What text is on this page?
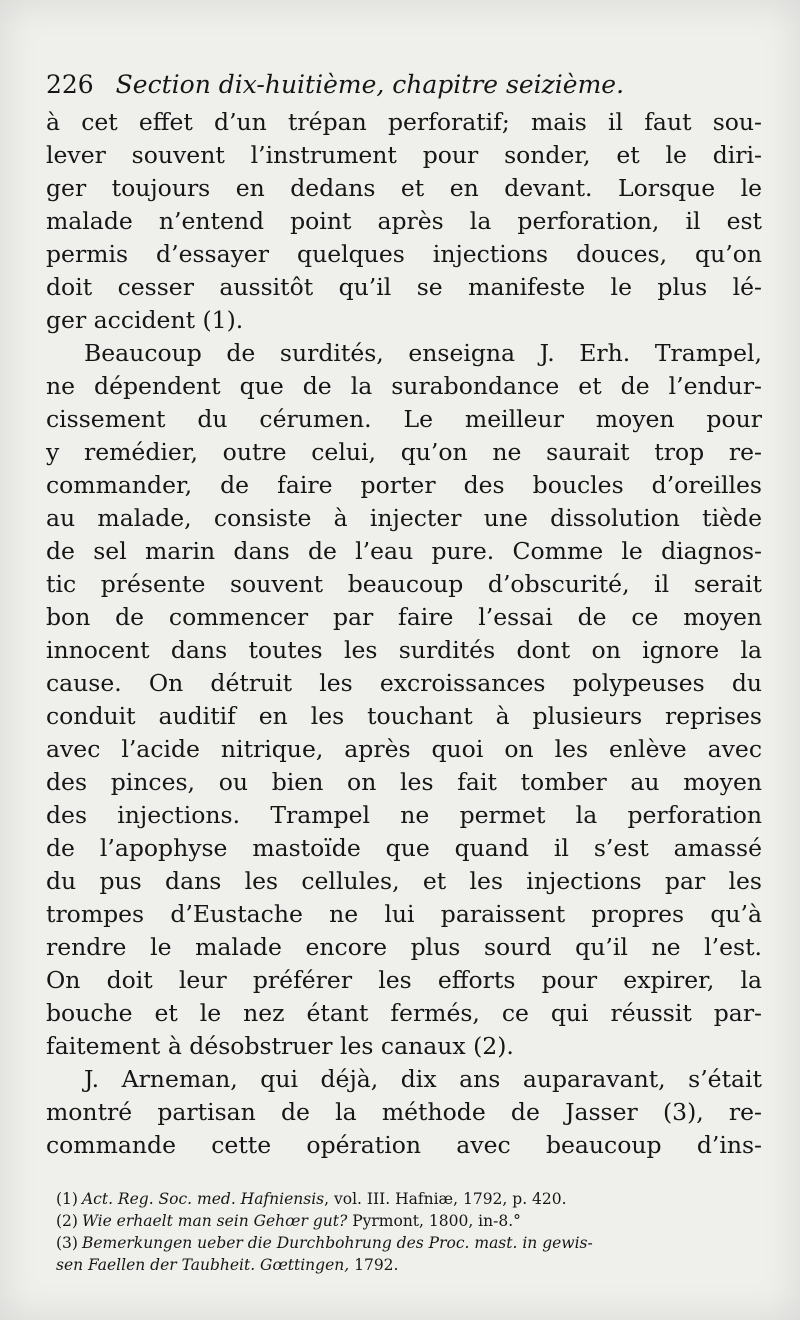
226 Section dix-huitième, chapitre seizième.
à cet effet d’un trépan perforatif; mais il faut sou-
lever souvent l’instrument pour sonder, et le diri-
ger toujours en dedans et en devant. Lorsque le
malade n’entend point après la perforation, il est
permis d’essayer quelques injections douces, qu’on
doit cesser aussitôt qu’il se manifeste le plus lé-
ger accident (1).
Beaucoup de surdités, enseigna J. Erh. Trampel,
ne dépendent que de la surabondance et de l’endur-
cissement du cérumen. Le meilleur moyen pour
y remédier, outre celui, qu’on ne saurait trop re-
commander, de faire porter des boucles d’oreilles
au malade, consiste à injecter une dissolution tiède
de sel marin dans de l’eau pure. Comme le diagnos-
tic présente souvent beaucoup d’obscurité, il serait
bon de commencer par faire l’essai de ce moyen
innocent dans toutes les surdités dont on ignore la
cause. On détruit les excroissances polypeuses du
conduit auditif en les touchant à plusieurs reprises
avec l’acide nitrique, après quoi on les enlève avec
des pinces, ou bien on les fait tomber au moyen
des injections. Trampel ne permet la perforation
de l’apophyse mastoïde que quand il s’est amassé
du pus dans les cellules, et les injections par les
trompes d’Eustache ne lui paraissent propres qu’à
rendre le malade encore plus sourd qu’il ne l’est.
On doit leur préférer les efforts pour expirer, la
bouche et le nez étant fermés, ce qui réussit par-
faitement à désobstruer les canaux (2).
J. Arneman, qui déjà, dix ans auparavant, s’était
montré partisan de la méthode de Jasser (3), re-
commande cette opération avec beaucoup d’ins-
(1) Act. Reg. Soc. med. Hafniensis, vol. III. Hafniæ, 1792, p. 420.
(2) Wie erhaelt man sein Gehœr gut? Pyrmont, 1800, in-8.°
(3) Bemerkungen ueber die Durchbohrung des Proc. mast. in gewis-
sen Faellen der Taubheit. Gœttingen, 1792.
